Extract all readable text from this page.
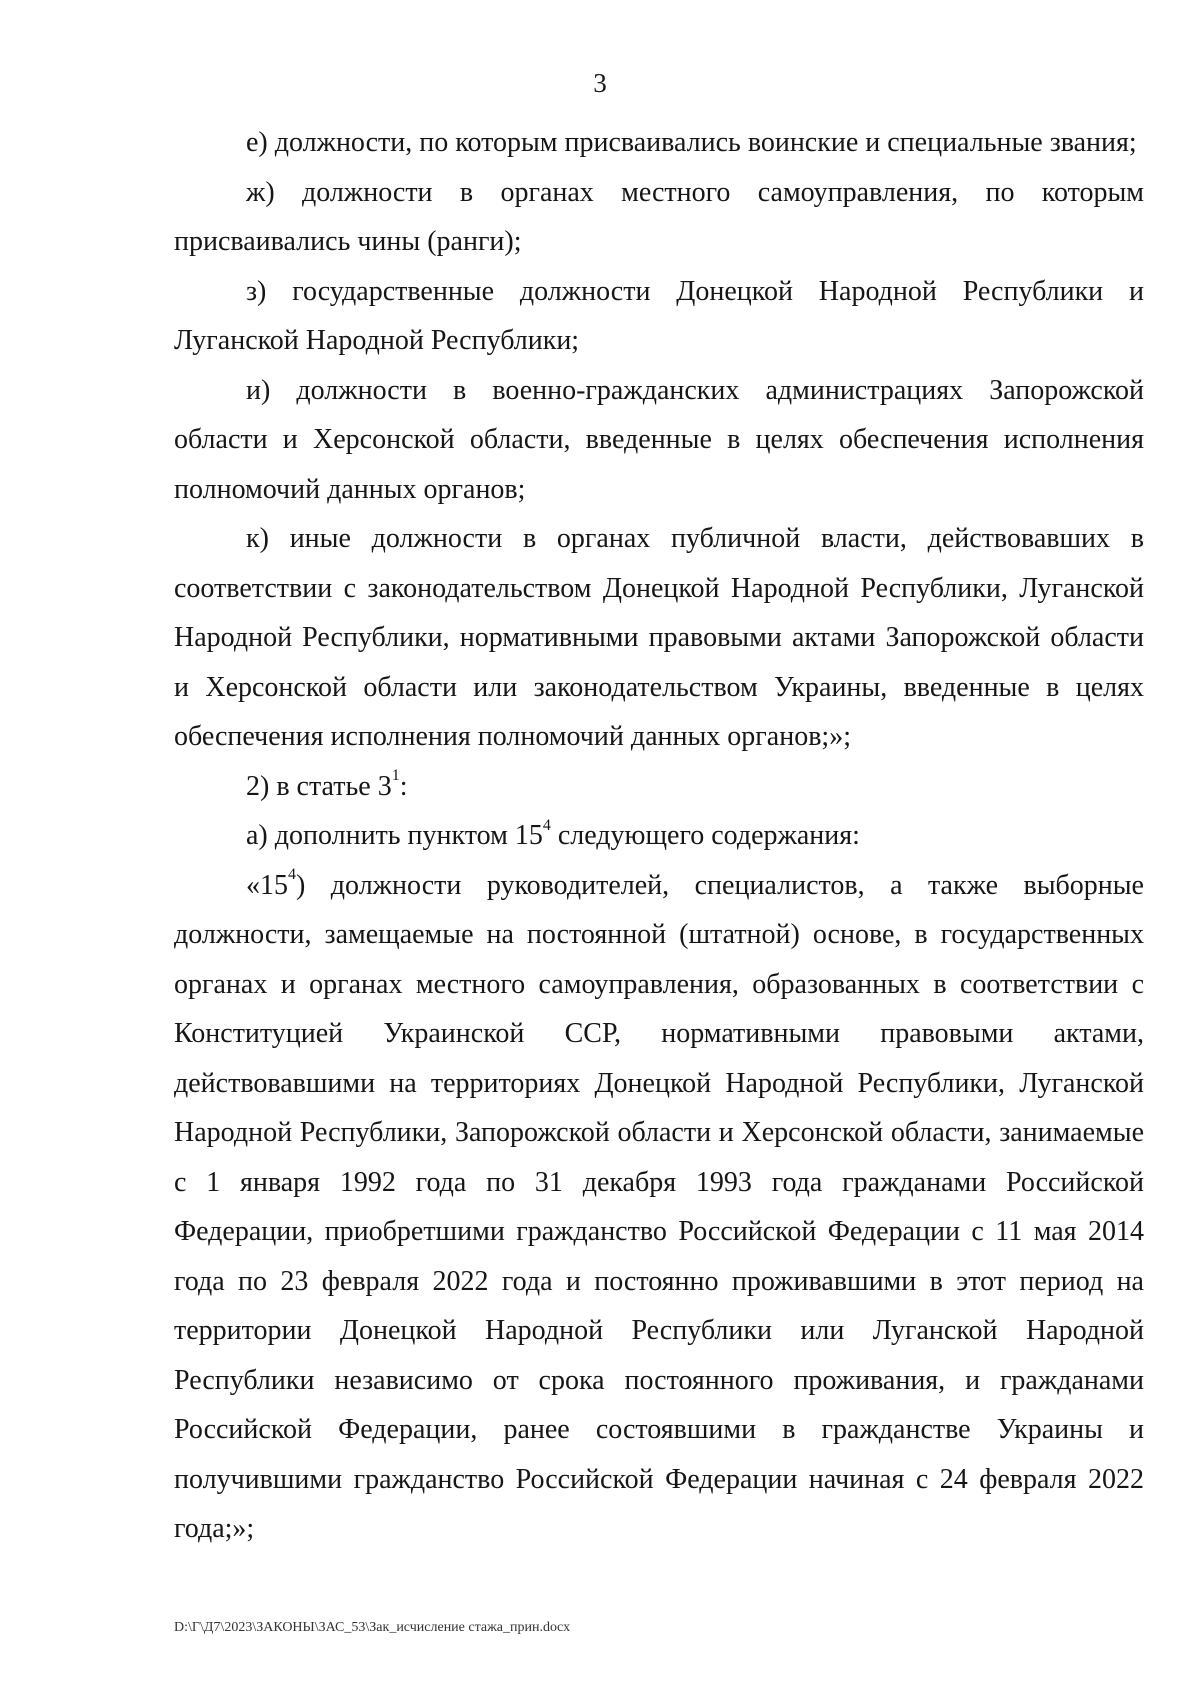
3

е) должности, по которым присваивались воинские и специальные звания;

ж) должности в органах местного самоуправления, по которым присваивались чины (ранги);

з) государственные должности Донецкой Народной Республики и Луганской Народной Республики;

и) должности в военно-гражданских администрациях Запорожской области и Херсонской области, введенные в целях обеспечения исполнения полномочий данных органов;

к) иные должности в органах публичной власти, действовавших в соответствии с законодательством Донецкой Народной Республики, Луганской Народной Республики, нормативными правовыми актами Запорожской области и Херсонской области или законодательством Украины, введенные в целях обеспечения исполнения полномочий данных органов;»;

2) в статье $3^1$:

а) дополнить пунктом $15^4$ следующего содержания:

«$15^4$) должности руководителей, специалистов, а также выборные должности, замещаемые на постоянной (штатной) основе, в государственных органах и органах местного самоуправления, образованных в соответствии с Конституцией Украинской ССР, нормативными правовыми актами, действовавшими на территориях Донецкой Народной Республики, Луганской Народной Республики, Запорожской области и Херсонской области, занимаемые с 1 января 1992 года по 31 декабря 1993 года гражданами Российской Федерации, приобретшими гражданство Российской Федерации с 11 мая 2014 года по 23 февраля 2022 года и постоянно проживавшими в этот период на территории Донецкой Народной Республики или Луганской Народной Республики независимо от срока постоянного проживания, и гражданами Российской Федерации, ранее состоявшими в гражданстве Украины и получившими гражданство Российской Федерации начиная с 24 февраля 2022 года;»;

D:\Г\Д7\2023\ЗАКОНЫ\ЗАС_53\Зак_исчисление стажа_прин.docx
